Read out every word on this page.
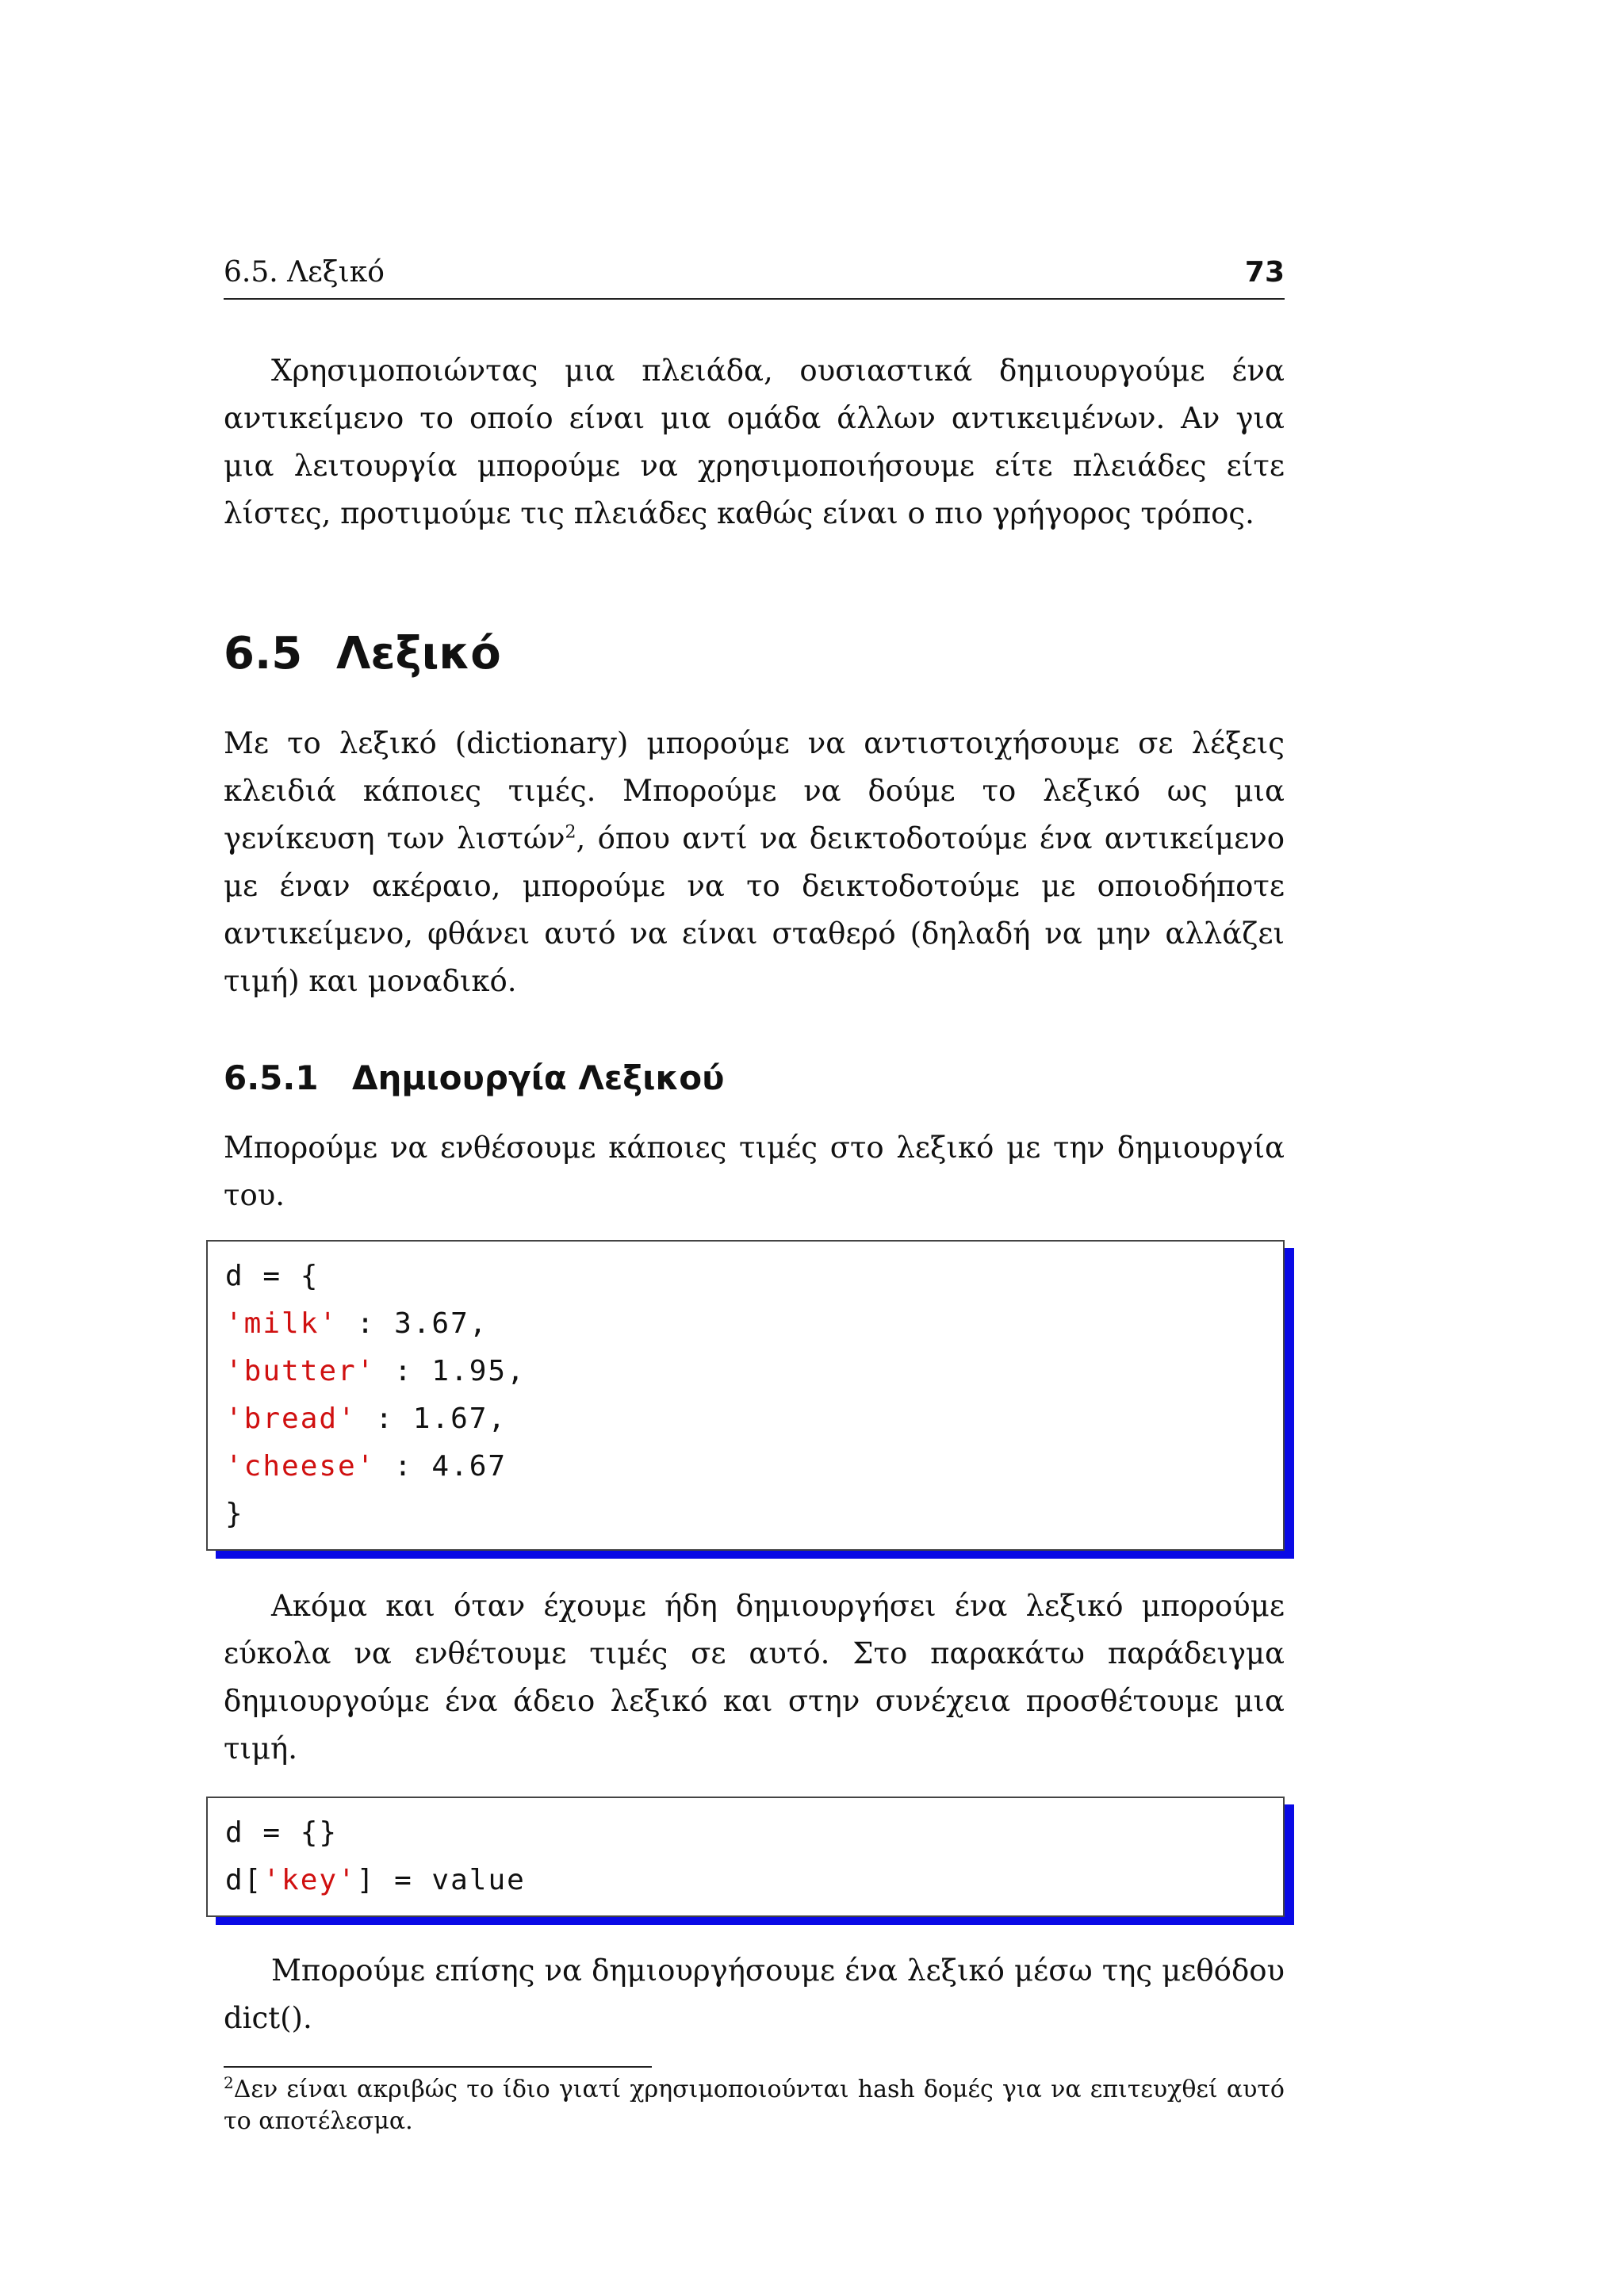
6.5. Λεξικό	73

Χρησιμοποιώντας μια πλειάδα, ουσιαστικά δημιουργούμε ένα αντικείμενο το οποίο είναι μια ομάδα άλλων αντικειμένων. Αν για μια λειτουργία μπορούμε να χρησιμοποιήσουμε είτε πλειάδες είτε λίστες, προτιμούμε τις πλειάδες καθώς είναι ο πιο γρήγορος τρόπος.

6.5 Λεξικό

Με το λεξικό (dictionary) μπορούμε να αντιστοιχήσουμε σε λέξεις κλειδιά κάποιες τιμές. Μπορούμε να δούμε το λεξικό ως μια γενίκευση των λιστών$^2$, όπου αντί να δεικτοδοτούμε ένα αντικείμενο με έναν ακέραιο, μπορούμε να το δεικτοδοτούμε με οποιοδήποτε αντικείμενο, φθάνει αυτό να είναι σταθερό (δηλαδή να μην αλλάζει τιμή) και μοναδικό.

6.5.1 Δημιουργία Λεξικού

Μπορούμε να ενθέσουμε κάποιες τιμές στο λεξικό με την δημιουργία του.

d = {
'milk' : 3.67,
'butter' : 1.95,
'bread' : 1.67,
'cheese' : 4.67
}

Ακόμα και όταν έχουμε ήδη δημιουργήσει ένα λεξικό μπορούμε εύκολα να ενθέτουμε τιμές σε αυτό. Στο παρακάτω παράδειγμα δημιουργούμε ένα άδειο λεξικό και στην συνέχεια προσθέτουμε μια τιμή.

d = {}
d['key'] = value

Μπορούμε επίσης να δημιουργήσουμε ένα λεξικό μέσω της μεθόδου dict().

$^2$Δεν είναι ακριβώς το ίδιο γιατί χρησιμοποιούνται hash δομές για να επιτευχθεί αυτό το αποτέλεσμα.
